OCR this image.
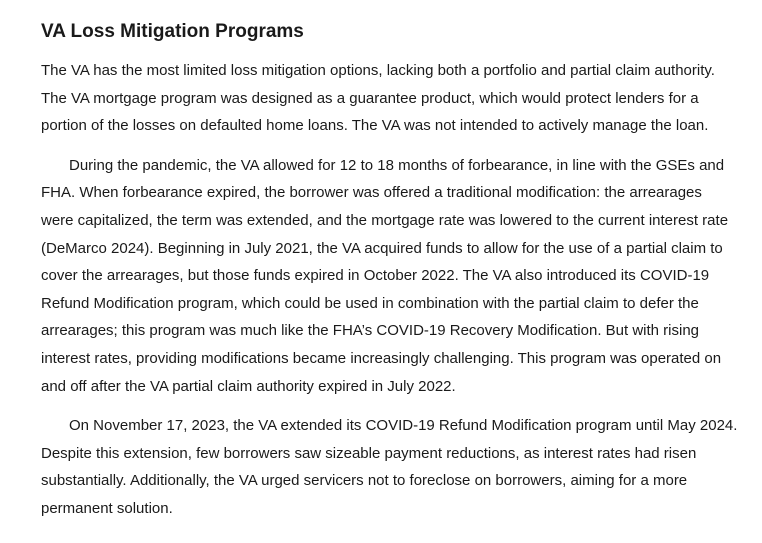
VA Loss Mitigation Programs

The VA has the most limited loss mitigation options, lacking both a portfolio and partial claim authority. The VA mortgage program was designed as a guarantee product, which would protect lenders for a portion of the losses on defaulted home loans. The VA was not intended to actively manage the loan.

During the pandemic, the VA allowed for 12 to 18 months of forbearance, in line with the GSEs and FHA. When forbearance expired, the borrower was offered a traditional modification: the arrearages were capitalized, the term was extended, and the mortgage rate was lowered to the current interest rate (DeMarco 2024). Beginning in July 2021, the VA acquired funds to allow for the use of a partial claim to cover the arrearages, but those funds expired in October 2022. The VA also introduced its COVID-19 Refund Modification program, which could be used in combination with the partial claim to defer the arrearages; this program was much like the FHA’s COVID-19 Recovery Modification. But with rising interest rates, providing modifications became increasingly challenging. This program was operated on and off after the VA partial claim authority expired in July 2022.

On November 17, 2023, the VA extended its COVID-19 Refund Modification program until May 2024. Despite this extension, few borrowers saw sizeable payment reductions, as interest rates had risen substantially. Additionally, the VA urged servicers not to foreclose on borrowers, aiming for a more permanent solution.
